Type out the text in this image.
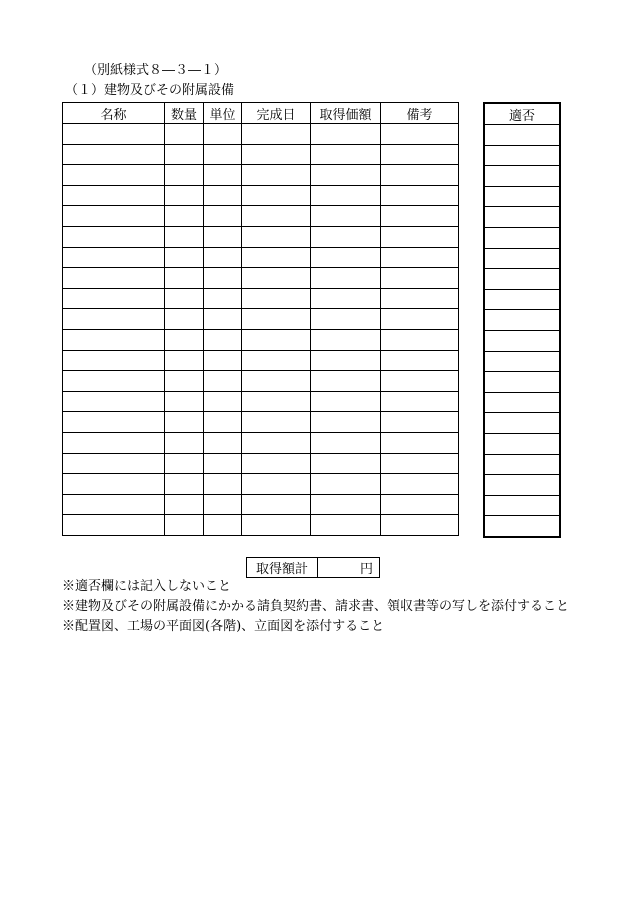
（別紙様式８―３―１）
（１）建物及びその附属設備
名称	数量	単位	完成日	取得価額	備考

						適否

取得額計	円
※適否欄には記入しないこと
※建物及びその附属設備にかかる請負契約書、請求書、領収書等の写しを添付すること
※配置図、工場の平面図(各階)、立面図を添付すること
